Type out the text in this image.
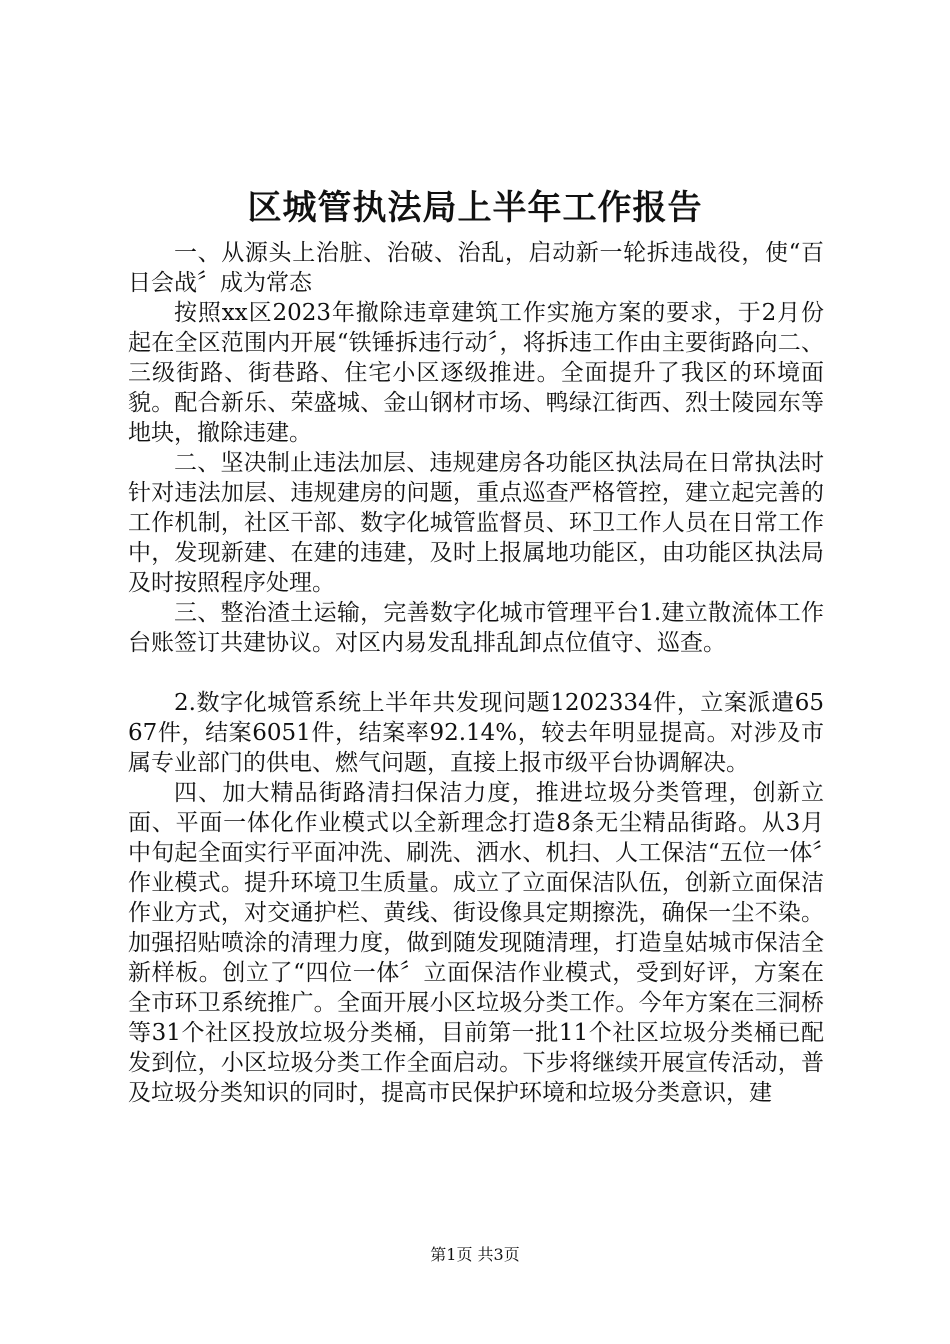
区城管执法局上半年工作报告

一、从源头上治脏、治破、治乱，启动新一轮拆违战役，使“百日会战〞成为常态

按照xx区2023年撤除违章建筑工作实施方案的要求，于2月份起在全区范围内开展“铁锤拆违行动〞，将拆违工作由主要街路向二、三级街路、街巷路、住宅小区逐级推进。全面提升了我区的环境面貌。配合新乐、荣盛城、金山钢材市场、鸭绿江街西、烈士陵园东等地块，撤除违建。

二、坚决制止违法加层、违规建房各功能区执法局在日常执法时针对违法加层、违规建房的问题，重点巡查严格管控，建立起完善的工作机制，社区干部、数字化城管监督员、环卫工作人员在日常工作中，发现新建、在建的违建，及时上报属地功能区，由功能区执法局及时按照程序处理。

三、整治渣土运输，完善数字化城市管理平台1.建立散流体工作台账签订共建协议。对区内易发乱排乱卸点位值守、巡查。

2.数字化城管系统上半年共发现问题1202334件，立案派遣6567件，结案6051件，结案率92.14%，较去年明显提高。对涉及市属专业部门的供电、燃气问题，直接上报市级平台协调解决。

四、加大精品街路清扫保洁力度，推进垃圾分类管理，创新立面、平面一体化作业模式以全新理念打造8条无尘精品街路。从3月中旬起全面实行平面冲洗、刷洗、洒水、机扫、人工保洁“五位一体〞作业模式。提升环境卫生质量。成立了立面保洁队伍，创新立面保洁作业方式，对交通护栏、黄线、街设像具定期擦洗，确保一尘不染。加强招贴喷涂的清理力度，做到随发现随清理，打造皇姑城市保洁全新样板。创立了“四位一体〞立面保洁作业模式，受到好评，方案在全市环卫系统推广。全面开展小区垃圾分类工作。今年方案在三洞桥等31个社区投放垃圾分类桶，目前第一批11个社区垃圾分类桶已配发到位，小区垃圾分类工作全面启动。下步将继续开展宣传活动，普及垃圾分类知识的同时，提高市民保护环境和垃圾分类意识，建

第1页 共3页
